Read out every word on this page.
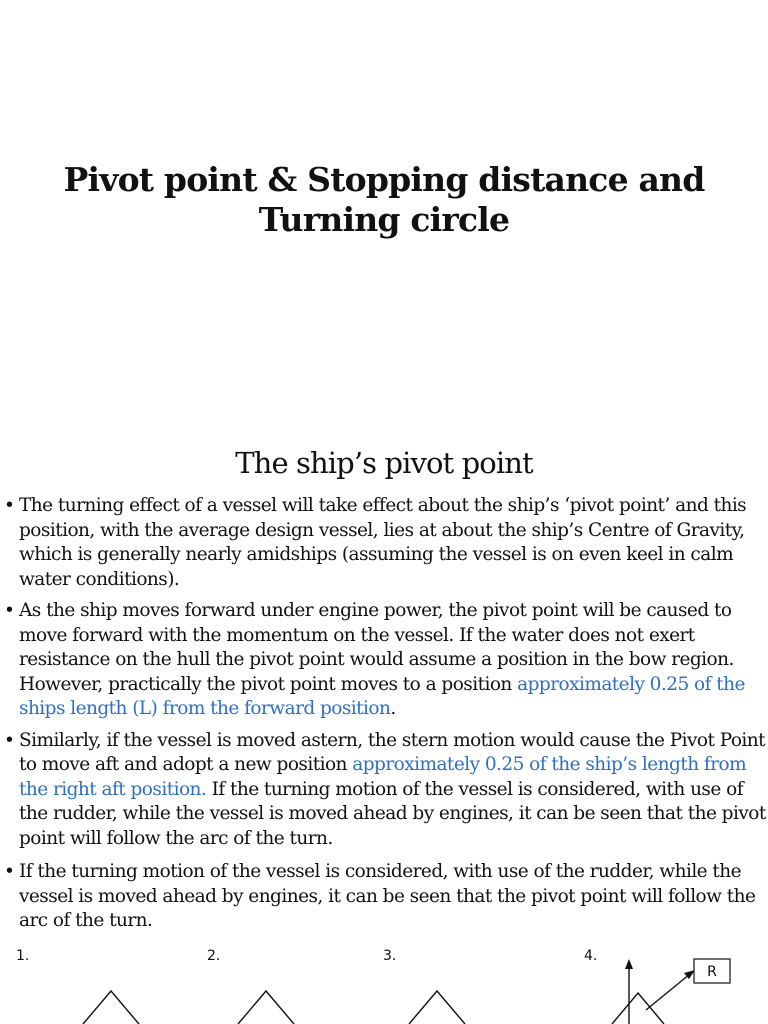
Pivot point & Stopping distance and
Turning circle
The ship’s pivot point
• The turning effect of a vessel will take effect about the ship’s ‘pivot point’ and this position, with the average design vessel, lies at about the ship’s Centre of Gravity, which is generally nearly amidships (assuming the vessel is on even keel in calm water conditions).
• As the ship moves forward under engine power, the pivot point will be caused to move forward with the momentum on the vessel. If the water does not exert resistance on the hull the pivot point would assume a position in the bow region. However, practically the pivot point moves to a position approximately 0.25 of the ships length (L) from the forward position.
• Similarly, if the vessel is moved astern, the stern motion would cause the Pivot Point to move aft and adopt a new position approximately 0.25 of the ship’s length from the right aft position. If the turning motion of the vessel is considered, with use of the rudder, while the vessel is moved ahead by engines, it can be seen that the pivot point will follow the arc of the turn.
• If the turning motion of the vessel is considered, with use of the rudder, while the vessel is moved ahead by engines, it can be seen that the pivot point will follow the arc of the turn.
1.	2.	3.	4.
R
